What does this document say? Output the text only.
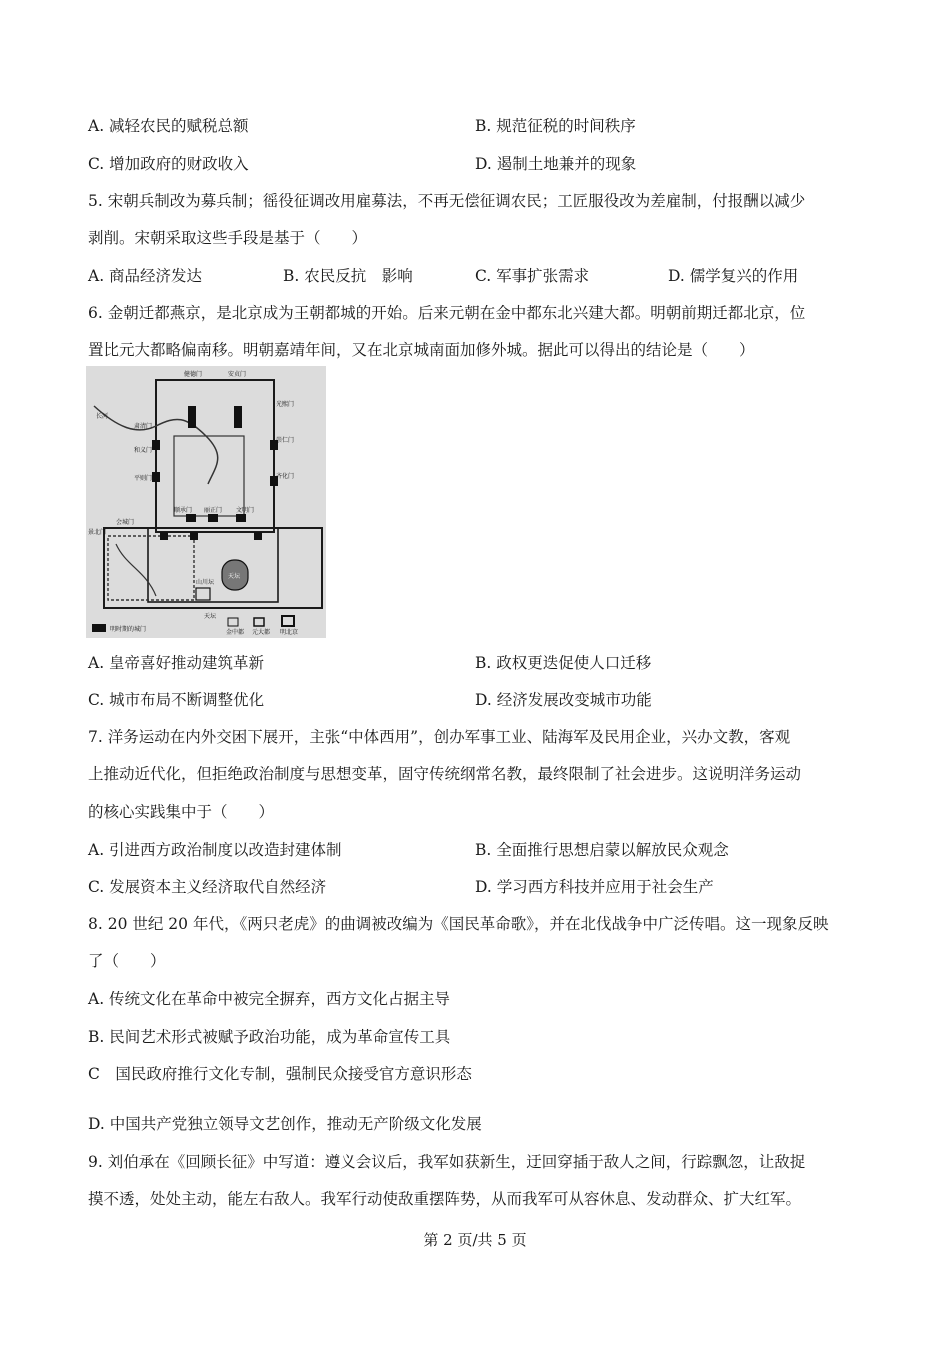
A. 减轻农民的赋税总额	B. 规范征税的时间秩序
C. 增加政府的财政收入	D. 遏制土地兼并的现象
5. 宋朝兵制改为募兵制；徭役征调改用雇募法，不再无偿征调农民；工匠服役改为差雇制，付报酬以减少
剥削。宋朝采取这些手段是基于（　　）
A. 商品经济发达	B. 农民反抗　影响	C. 军事扩张需求	D. 儒学复兴的作用
6. 金朝迁都燕京，是北京成为王朝都城的开始。后来元朝在金中都东北兴建大都。明朝前期迁都北京，位
置比元大都略偏南移。明朝嘉靖年间，又在北京城南面加修外城。据此可以得出的结论是（　　）
健德门	安贞门
光熙门
崇仁门
齐化门
肃清门
和义门
平则门
顺承门 丽正门 文明门
会城门
景北门
长河
山川坛
天坛
天坛
明时期的城门	金中都 元大都 明北京
A. 皇帝喜好推动建筑革新	B. 政权更迭促使人口迁移
C. 城市布局不断调整优化	D. 经济发展改变城市功能
7. 洋务运动在内外交困下展开，主张“中体西用”，创办军事工业、陆海军及民用企业，兴办文教，客观
上推动近代化，但拒绝政治制度与思想变革，固守传统纲常名教，最终限制了社会进步。这说明洋务运动
的核心实践集中于（　　）
A. 引进西方政治制度以改造封建体制	B. 全面推行思想启蒙以解放民众观念
C. 发展资本主义经济取代自然经济	D. 学习西方科技并应用于社会生产
8. 20 世纪 20 年代，《两只老虎》的曲调被改编为《国民革命歌》，并在北伐战争中广泛传唱。这一现象反映
了（　　）
A. 传统文化在革命中被完全摒弃，西方文化占据主导
B. 民间艺术形式被赋予政治功能，成为革命宣传工具
C　国民政府推行文化专制，强制民众接受官方意识形态
D. 中国共产党独立领导文艺创作，推动无产阶级文化发展
9. 刘伯承在《回顾长征》中写道：遵义会议后，我军如获新生，迂回穿插于敌人之间，行踪飘忽，让敌捉
摸不透，处处主动，能左右敌人。我军行动使敌重摆阵势，从而我军可从容休息、发动群众、扩大红军。
第 2 页/共 5 页
